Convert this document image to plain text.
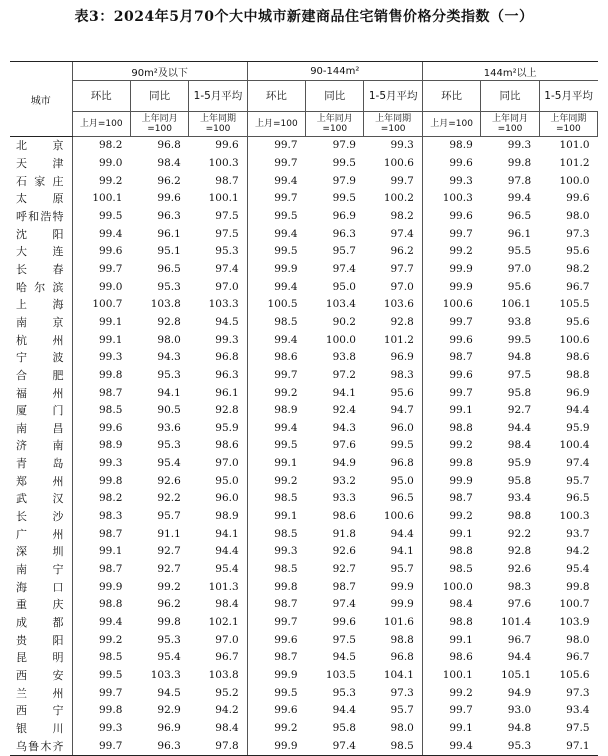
表3：2024年5月70个大中城市新建商品住宅销售价格分类指数（一）
城市	90m²及以下			90-144m²			144m²以上		
	环比	同比	1-5月平均	环比	同比	1-5月平均	环比	同比	1-5月平均
	上月=100	上年同月=100	上年同期=100	上月=100	上年同月=100	上年同期=100	上月=100	上年同月=100	上年同期=100
北京	98.2	96.8	99.6	99.7	97.9	99.3	98.9	99.3	101.0
天津	99.0	98.4	100.3	99.7	99.5	100.6	99.6	99.8	101.2
石家庄	99.2	96.2	98.7	99.4	97.9	99.7	99.3	97.8	100.0
太原	100.1	99.6	100.1	99.7	99.5	100.2	100.3	99.4	99.6
呼和浩特	99.5	96.3	97.5	99.5	96.9	98.2	99.6	96.5	98.0
沈阳	99.4	96.1	97.5	99.4	96.3	97.4	99.7	96.1	97.3
大连	99.6	95.1	95.3	99.5	95.7	96.2	99.2	95.5	95.6
长春	99.7	96.5	97.4	99.9	97.4	97.7	99.9	97.0	98.2
哈尔滨	99.0	95.3	97.0	99.4	95.0	97.0	99.9	95.6	96.7
上海	100.7	103.8	103.3	100.5	103.4	103.6	100.6	106.1	105.5
南京	99.1	92.8	94.5	98.5	90.2	92.8	99.7	93.8	95.6
杭州	99.1	98.0	99.3	99.4	100.0	101.2	99.6	99.5	100.6
宁波	99.3	94.3	96.8	98.6	93.8	96.9	98.7	94.8	98.6
合肥	99.8	95.3	96.3	99.7	97.2	98.3	99.6	97.5	98.8
福州	98.7	94.1	96.1	99.2	94.1	95.6	99.7	95.8	96.9
厦门	98.5	90.5	92.8	98.9	92.4	94.7	99.1	92.7	94.4
南昌	99.6	93.6	95.9	99.4	94.3	96.0	98.8	94.4	95.9
济南	98.9	95.3	98.6	99.5	97.6	99.5	99.2	98.4	100.4
青岛	99.3	95.4	97.0	99.1	94.9	96.8	99.8	95.9	97.4
郑州	99.8	92.6	95.0	99.2	93.2	95.0	99.9	95.8	95.7
武汉	98.2	92.2	96.0	98.5	93.3	96.5	98.7	93.4	96.5
长沙	98.3	95.7	98.9	99.1	98.6	100.6	99.2	98.8	100.3
广州	98.7	91.1	94.1	98.5	91.8	94.4	99.1	92.2	93.7
深圳	99.1	92.7	94.4	99.3	92.6	94.1	98.8	92.8	94.2
南宁	98.7	92.7	95.4	98.5	92.7	95.7	98.5	92.6	95.4
海口	99.9	99.2	101.3	99.8	98.7	99.9	100.0	98.3	99.8
重庆	98.8	96.2	98.4	98.7	97.4	99.9	98.4	97.6	100.7
成都	99.4	99.8	102.1	99.7	99.6	101.6	98.8	101.4	103.9
贵阳	99.2	95.3	97.0	99.6	97.5	98.8	99.1	96.7	98.0
昆明	98.5	95.4	96.7	98.7	94.5	96.8	98.6	94.4	96.7
西安	99.5	103.3	103.8	99.9	103.5	104.1	100.1	105.1	105.6
兰州	99.7	94.5	95.2	99.5	95.3	97.3	99.2	94.9	97.3
西宁	99.8	92.9	94.2	99.6	94.4	95.7	99.7	93.0	93.4
银川	99.3	96.9	98.4	99.2	95.8	98.0	99.1	94.8	97.5
乌鲁木齐	99.7	96.3	97.8	99.9	97.4	98.5	99.4	95.3	97.1
